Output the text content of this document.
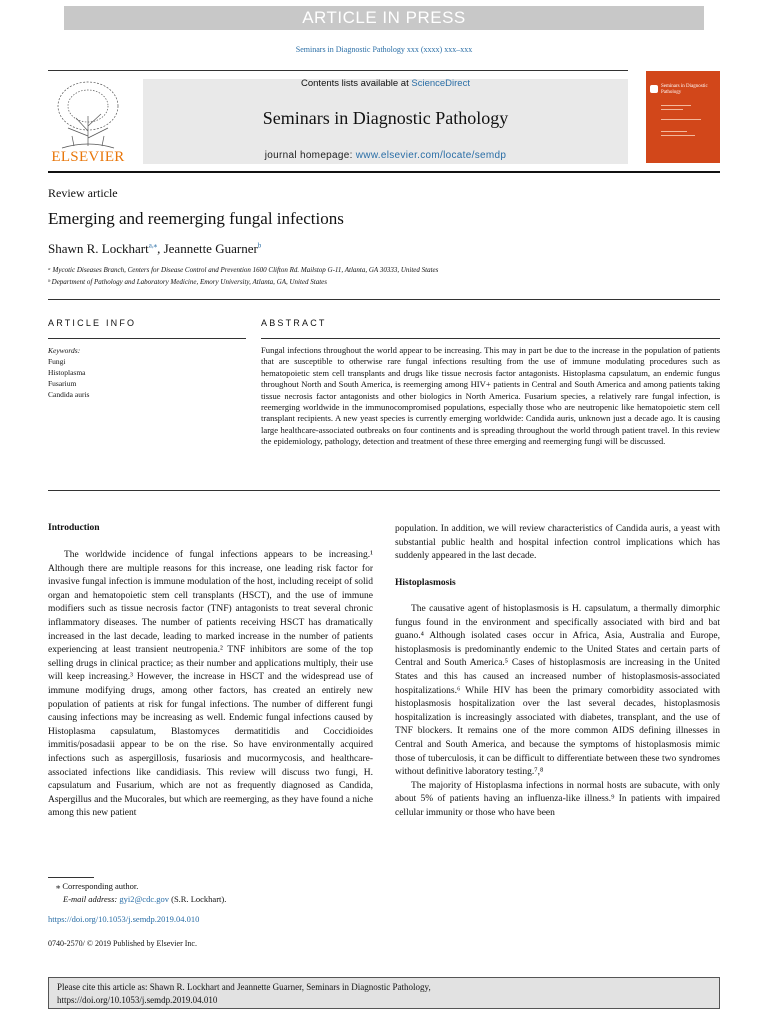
ARTICLE IN PRESS
Seminars in Diagnostic Pathology xxx (xxxx) xxx–xxx
ELSEVIER
Contents lists available at ScienceDirect
Seminars in Diagnostic Pathology
journal homepage: www.elsevier.com/locate/semdp
Seminars in Diagnostic Pathology
Review article
Emerging and reemerging fungal infections
Shawn R. Lockhart$^{a,⁎}$, Jeannette Guarner$^b$
ᵃ Mycotic Diseases Branch, Centers for Disease Control and Prevention 1600 Clifton Rd. Mailstop G-11, Atlanta, GA 30333, United States
ᵇ Department of Pathology and Laboratory Medicine, Emory University, Atlanta, GA, United States
ARTICLE INFO	ABSTRACT
Keywords:
Fungi
Histoplasma
Fusarium
Candida auris
Fungal infections throughout the world appear to be increasing. This may in part be due to the increase in the population of patients that are susceptible to otherwise rare fungal infections resulting from the use of immune modulating procedures such as hematopoietic stem cell transplants and drugs like tissue necrosis factor antagonists. Histoplasma capsulatum, an endemic fungus throughout North and South America, is reemerging among HIV+ patients in Central and South America and among patients taking tissue necrosis factor antagonists and other biologics in North America. Fusarium species, a relatively rare fungal infection, is reemerging worldwide in the immunocompromised populations, especially those who are neutropenic like hematopoietic stem cell transplant recipients. A new yeast species is currently emerging worldwide: Candida auris, unknown just a decade ago. It is causing large healthcare-associated outbreaks on four continents and is spreading throughout the world through patient travel. In this review the epidemiology, pathology, detection and treatment of these three emerging and reemerging fungi will be discussed.
Introduction

The worldwide incidence of fungal infections appears to be increasing.¹ Although there are multiple reasons for this increase, one leading risk factor for invasive fungal infection is immune modulation of the host, including receipt of solid organ and hematopoietic stem cell transplants (HSCT), and the use of immune modifiers such as tissue necrosis factor (TNF) antagonists to treat several chronic inflammatory diseases. The number of patients receiving HSCT has dramatically increased in the last decade, leading to marked increase in the number of patients experiencing at least transient neutropenia.² TNF inhibitors are some of the top selling drugs in clinical practice; as their number and applications multiply, their use will keep increasing.³ However, the increase in HSCT and the widespread use of immune modifying drugs, among other factors, has created an entirely new population of patients at risk for fungal infections. The number of different fungi causing infections may be increasing as well. Endemic fungal infections caused by Histoplasma capsulatum, Blastomyces dermatitidis and Coccidioides immitis/posadasii appear to be on the rise. So have environmentally acquired infections such as aspergillosis, fusariosis and mucormycosis, and healthcare-associated infections like candidiasis. This review will discuss two fungi, H. capsulatum and Fusarium, which are not as frequently diagnosed as Candida, Aspergillus and the Mucorales, but which are reemerging, as they have found a niche among this new patient

population. In addition, we will review characteristics of Candida auris, a yeast with substantial public health and hospital infection control implications which has suddenly appeared in the last decade.

Histoplasmosis

The causative agent of histoplasmosis is H. capsulatum, a thermally dimorphic fungus found in the environment and specifically associated with bird and bat guano.⁴ Although isolated cases occur in Africa, Asia, Australia and Europe, histoplasmosis is predominantly endemic to the United States and certain parts of Central and South America.⁵ Cases of histoplasmosis are increasing in the United States and this has caused an increased number of histoplasmosis-associated hospitalizations.⁶ While HIV has been the primary comorbidity associated with histoplasmosis hospitalization over the last several decades, histoplasmosis hospitalization is increasingly associated with diabetes, transplant, and the use of TNF blockers. It remains one of the more common AIDS defining illnesses in Central and South America, and because the symptoms of histoplasmosis mimic those of tuberculosis, it can be difficult to differentiate between these two syndromes without definitive laboratory testing.⁷,⁸

The majority of Histoplasma infections in normal hosts are subacute, with only about 5% of patients having an influenza-like illness.⁹ In patients with impaired cellular immunity or those who have been

⁎ Corresponding author.
E-mail address: gyi2@cdc.gov (S.R. Lockhart).
https://doi.org/10.1053/j.semdp.2019.04.010
0740-2570/ © 2019 Published by Elsevier Inc.
Please cite this article as: Shawn R. Lockhart and Jeannette Guarner, Seminars in Diagnostic Pathology,
https://doi.org/10.1053/j.semdp.2019.04.010
